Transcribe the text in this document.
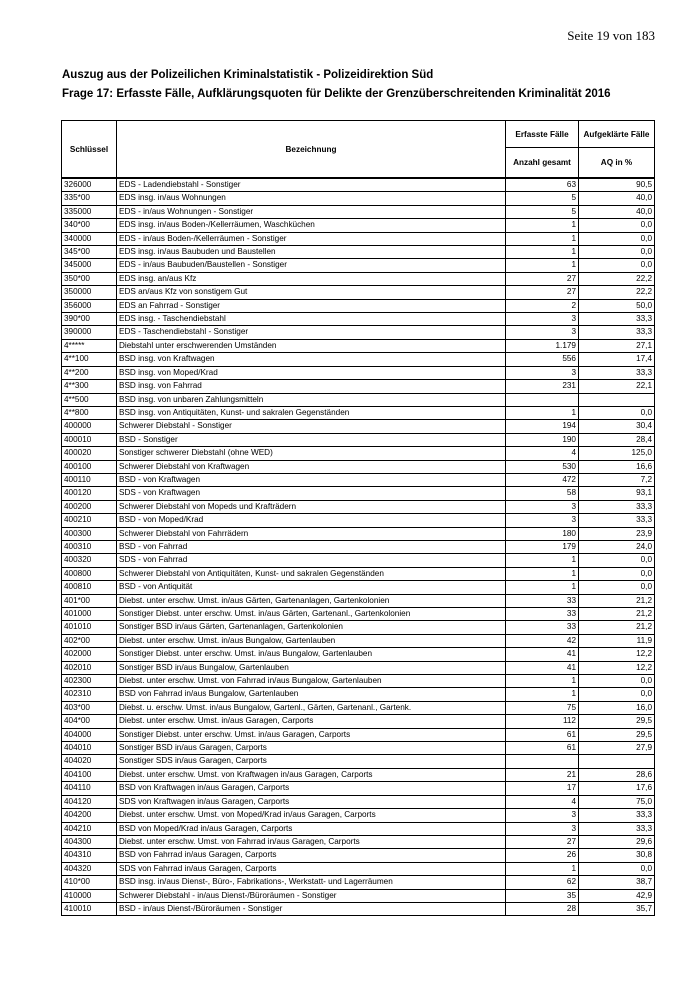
Seite 19 von 183
Auszug aus der Polizeilichen Kriminalstatistik - Polizeidirektion Süd
Frage 17: Erfasste Fälle, Aufklärungsquoten für Delikte der Grenzüberschreitenden Kriminalität 2016
Schlüssel	Bezeichnung	Erfasste Fälle	Aufgeklärte Fälle
		Anzahl gesamt	AQ in %
326000	EDS - Ladendiebstahl - Sonstiger	63	90,5
335*00	EDS insg. in/aus Wohnungen	5	40,0
335000	EDS - in/aus Wohnungen - Sonstiger	5	40,0
340*00	EDS insg. in/aus Boden-/Kellerräumen, Waschküchen	1	0,0
340000	EDS - in/aus Boden-/Kellerräumen - Sonstiger	1	0,0
345*00	EDS insg. in/aus Baubuden und Baustellen	1	0,0
345000	EDS - in/aus Baubuden/Baustellen - Sonstiger	1	0,0
350*00	EDS insg. an/aus Kfz	27	22,2
350000	EDS an/aus Kfz von sonstigem Gut	27	22,2
356000	EDS an Fahrrad - Sonstiger	2	50,0
390*00	EDS insg. - Taschendiebstahl	3	33,3
390000	EDS - Taschendiebstahl - Sonstiger	3	33,3
4*****	Diebstahl unter erschwerenden Umständen	1.179	27,1
4**100	BSD insg. von Kraftwagen	556	17,4
4**200	BSD insg. von Moped/Krad	3	33,3
4**300	BSD insg. von Fahrrad	231	22,1
4**500	BSD insg. von unbaren Zahlungsmitteln		
4**800	BSD insg. von Antiquitäten, Kunst- und sakralen Gegenständen	1	0,0
400000	Schwerer Diebstahl - Sonstiger	194	30,4
400010	BSD - Sonstiger	190	28,4
400020	Sonstiger schwerer Diebstahl (ohne WED)	4	125,0
400100	Schwerer Diebstahl von Kraftwagen	530	16,6
400110	BSD - von Kraftwagen	472	7,2
400120	SDS - von Kraftwagen	58	93,1
400200	Schwerer Diebstahl von Mopeds und Krafträdern	3	33,3
400210	BSD - von Moped/Krad	3	33,3
400300	Schwerer Diebstahl von Fahrrädern	180	23,9
400310	BSD - von Fahrrad	179	24,0
400320	SDS - von Fahrrad	1	0,0
400800	Schwerer Diebstahl von Antiquitäten, Kunst- und sakralen Gegenständen	1	0,0
400810	BSD - von Antiquität	1	0,0
401*00	Diebst. unter erschw. Umst. in/aus Gärten, Gartenanlagen, Gartenkolonien	33	21,2
401000	Sonstiger Diebst. unter erschw. Umst. in/aus Gärten, Gartenanl., Gartenkolonien	33	21,2
401010	Sonstiger BSD in/aus Gärten, Gartenanlagen, Gartenkolonien	33	21,2
402*00	Diebst. unter erschw. Umst. in/aus Bungalow, Gartenlauben	42	11,9
402000	Sonstiger Diebst. unter erschw. Umst. in/aus Bungalow, Gartenlauben	41	12,2
402010	Sonstiger BSD in/aus Bungalow, Gartenlauben	41	12,2
402300	Diebst. unter erschw. Umst. von Fahrrad in/aus Bungalow, Gartenlauben	1	0,0
402310	BSD von Fahrrad in/aus Bungalow, Gartenlauben	1	0,0
403*00	Diebst. u. erschw. Umst. in/aus Bungalow, Gartenl., Gärten, Gartenanl., Gartenk.	75	16,0
404*00	Diebst. unter erschw. Umst. in/aus Garagen, Carports	112	29,5
404000	Sonstiger Diebst. unter erschw. Umst. in/aus Garagen, Carports	61	29,5
404010	Sonstiger BSD in/aus Garagen, Carports	61	27,9
404020	Sonstiger SDS in/aus Garagen, Carports		
404100	Diebst. unter erschw. Umst. von Kraftwagen in/aus Garagen, Carports	21	28,6
404110	BSD von Kraftwagen in/aus Garagen, Carports	17	17,6
404120	SDS von Kraftwagen in/aus Garagen, Carports	4	75,0
404200	Diebst. unter erschw. Umst. von Moped/Krad in/aus Garagen, Carports	3	33,3
404210	BSD von Moped/Krad in/aus Garagen, Carports	3	33,3
404300	Diebst. unter erschw. Umst. von Fahrrad in/aus Garagen, Carports	27	29,6
404310	BSD von Fahrrad in/aus Garagen, Carports	26	30,8
404320	SDS von Fahrrad in/aus Garagen, Carports	1	0,0
410*00	BSD insg. in/aus Dienst-, Büro-, Fabrikations-, Werkstatt- und Lagerräumen	62	38,7
410000	Schwerer Diebstahl - in/aus Dienst-/Büroräumen - Sonstiger	35	42,9
410010	BSD - in/aus Dienst-/Büroräumen - Sonstiger	28	35,7
